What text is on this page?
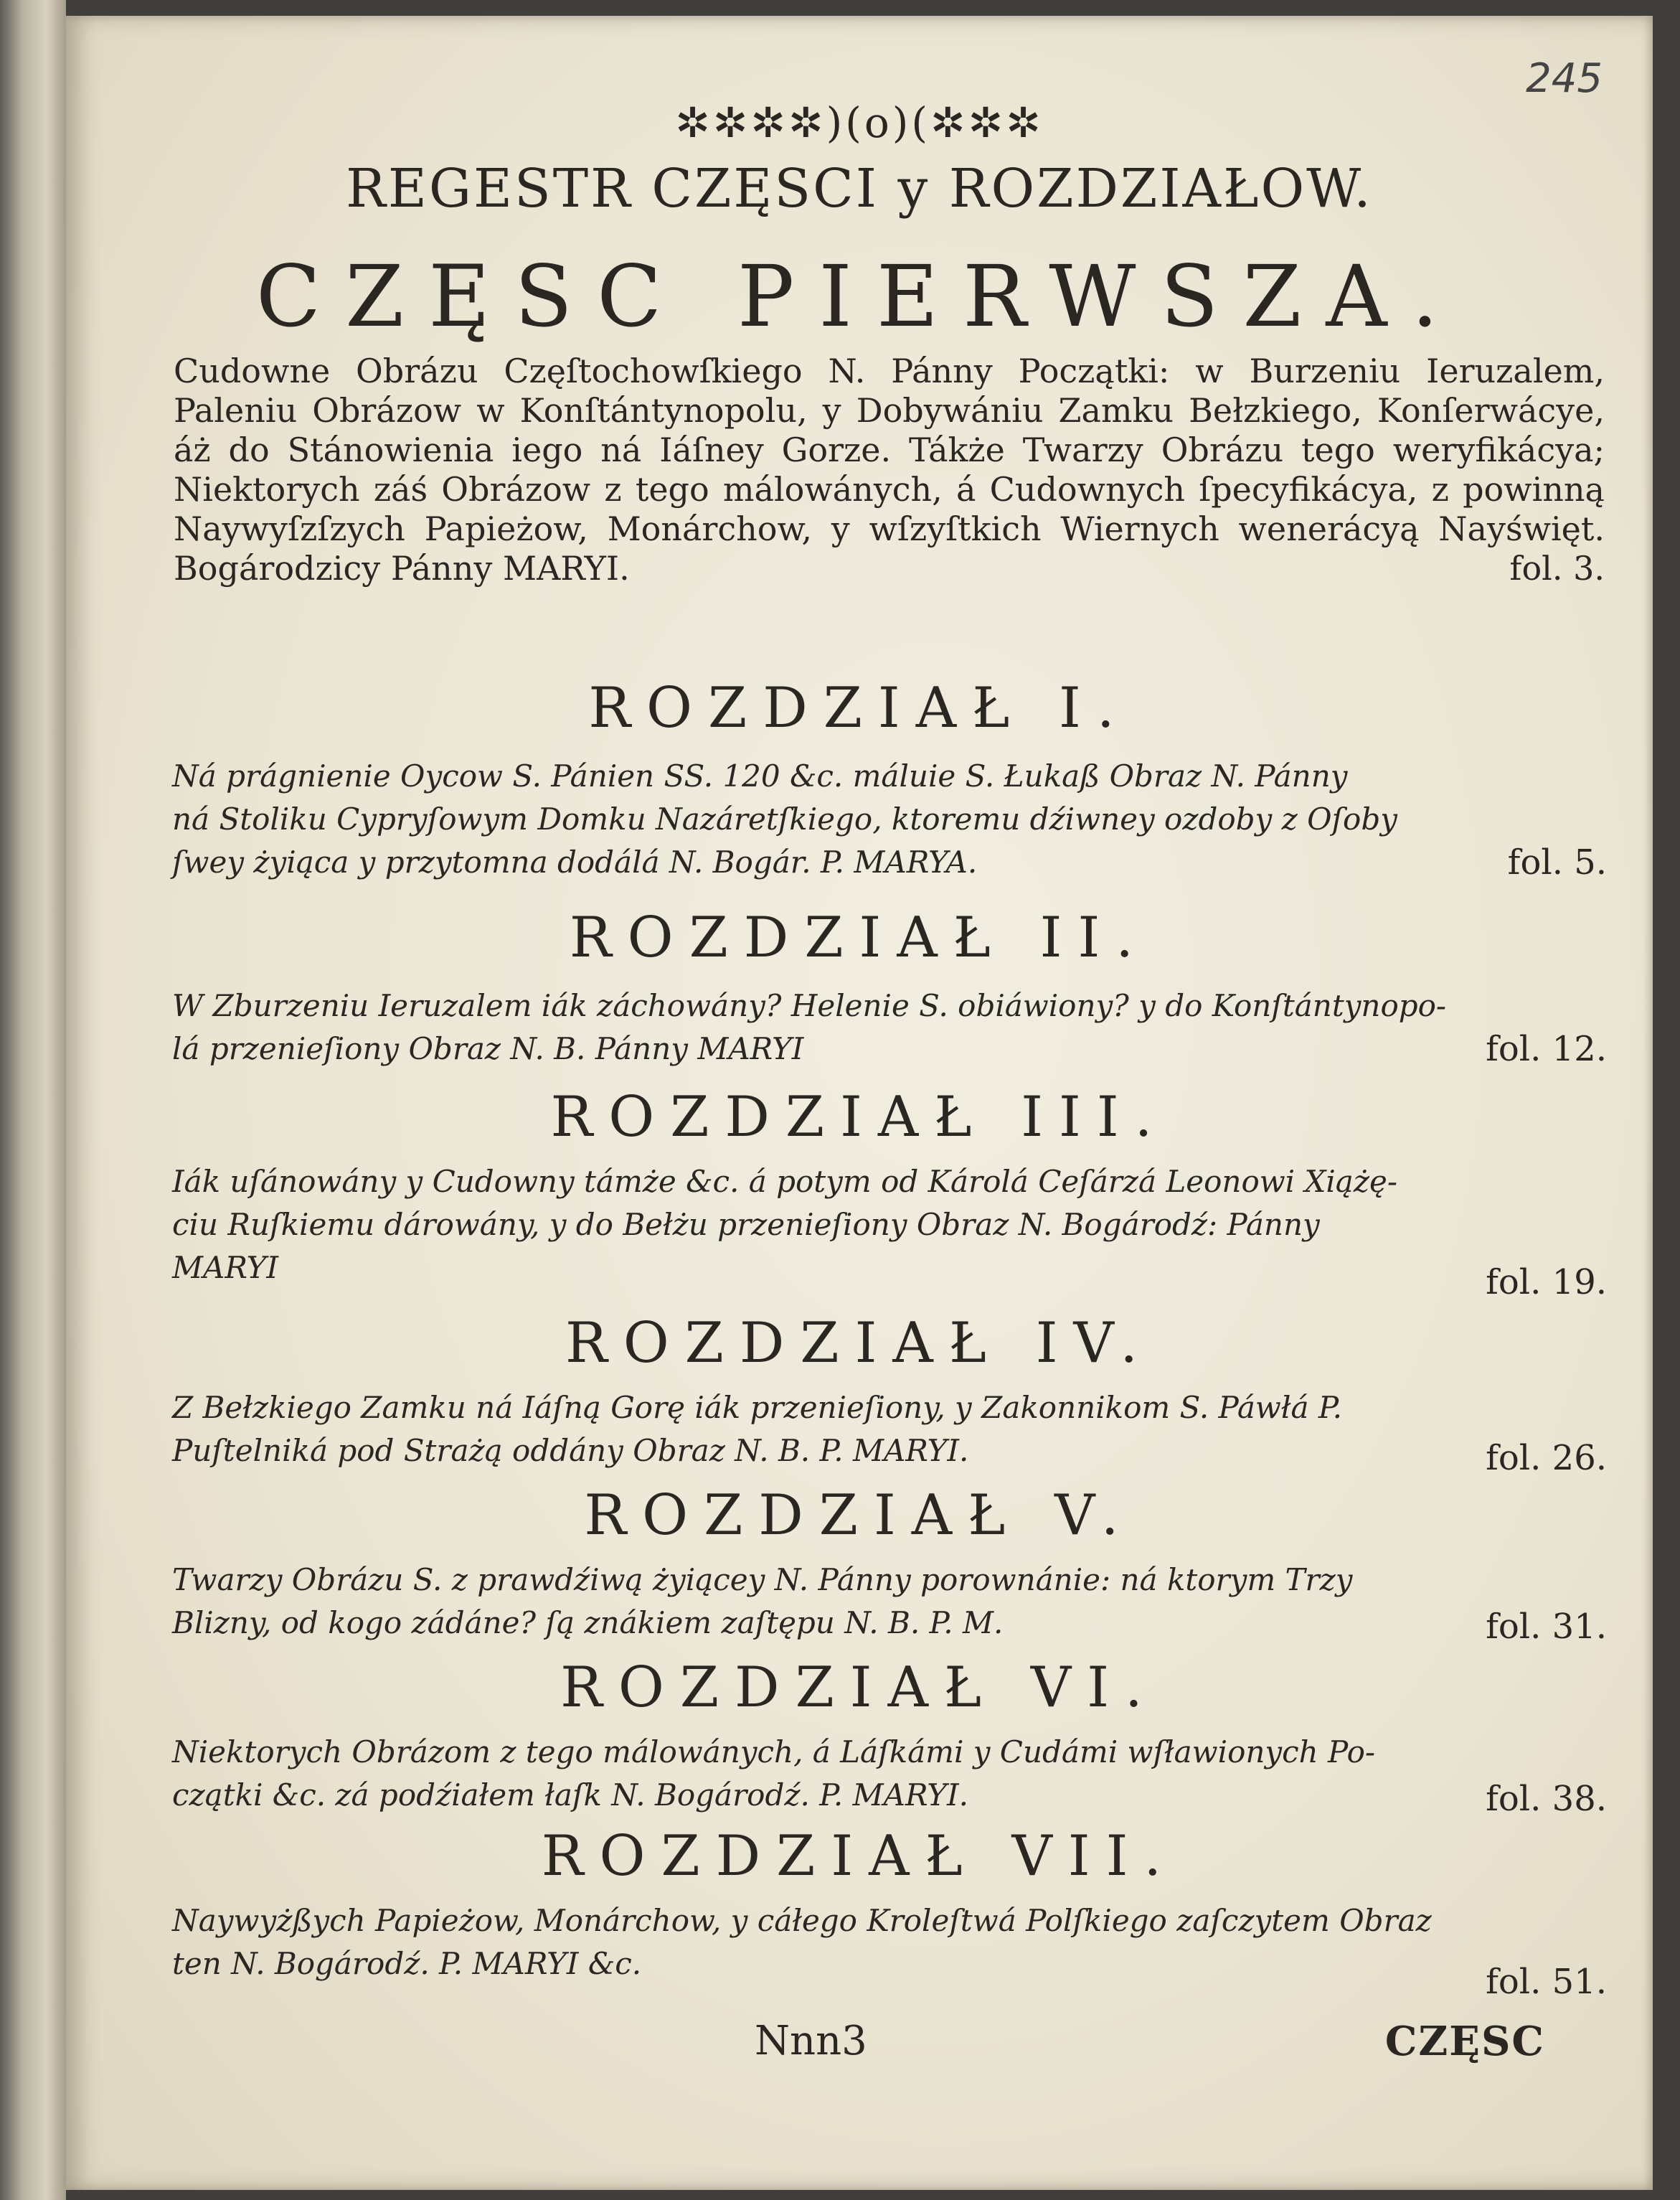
245
✲✲✲✲)(o)(✲✲✲
REGESTR CZĘSCI y ROZDZIAŁOW.
CZĘSC PIERWSZA.
Cudowne Obrázu Częſtochowſkiego N. Pánny Początki: w Burzeniu Ieruzalem, Paleniu Obrázow w Konſtántynopolu, y Dobywániu Zamku Bełzkiego, Konſerwácye, áż do Stánowienia iego ná Iáſney Gorze. Tákże Twarzy Obrázu tego weryfikácya; Niektorych záś Obrázow z tego málowánych, á Cudownych ſpecyfikácya, z powinną Naywyſzſzych Papieżow, Monárchow, y wſzyſtkich Wiernych wenerácyą Nayświęt. Bogárodzicy Pánny MARYI.	fol. 3.
ROZDZIAŁ I.
Ná prágnienie Oycow S. Pánien SS. 120 &c. máluie S. Łukaß Obraz N. Pánny
ná Stoliku Cypryſowym Domku Nazáretſkiego, ktoremu dźiwney ozdoby z Oſoby
ſwey żyiąca y przytomna dodálá N. Bogár. P. MARYA.	fol. 5.
ROZDZIAŁ II.
W Zburzeniu Ieruzalem iák záchowány? Helenie S. obiáwiony? y do Konſtántynopo-
lá przenieſiony Obraz N. B. Pánny MARYI	fol. 12.
ROZDZIAŁ III.
Iák uſánowány y Cudowny támże &c. á potym od Károlá Ceſárzá Leonowi Xiążę-
ciu Ruſkiemu dárowány, y do Bełżu przenieſiony Obraz N. Bogárodź: Pánny
MARYI	fol. 19.
ROZDZIAŁ IV.
Z Bełzkiego Zamku ná Iáſną Gorę iák przenieſiony, y Zakonnikom S. Páwłá P.
Puſtelniká pod Strażą oddány Obraz N. B. P. MARYI.	fol. 26.
ROZDZIAŁ V.
Twarzy Obrázu S. z prawdźiwą żyiącey N. Pánny porownánie: ná ktorym Trzy
Blizny, od kogo zádáne? ſą znákiem zaſtępu N. B. P. M.	fol. 31.
ROZDZIAŁ VI.
Niektorych Obrázom z tego málowánych, á Láſkámi y Cudámi wſławionych Po-
czątki &c. zá podźiałem łaſk N. Bogárodź. P. MARYI.	fol. 38.
ROZDZIAŁ VII.
Naywyżßych Papieżow, Monárchow, y cáłego Kroleſtwá Polſkiego zaſczytem Obraz
ten N. Bogárodź. P. MARYI &c.	fol. 51.
Nnn3	CZĘSC
